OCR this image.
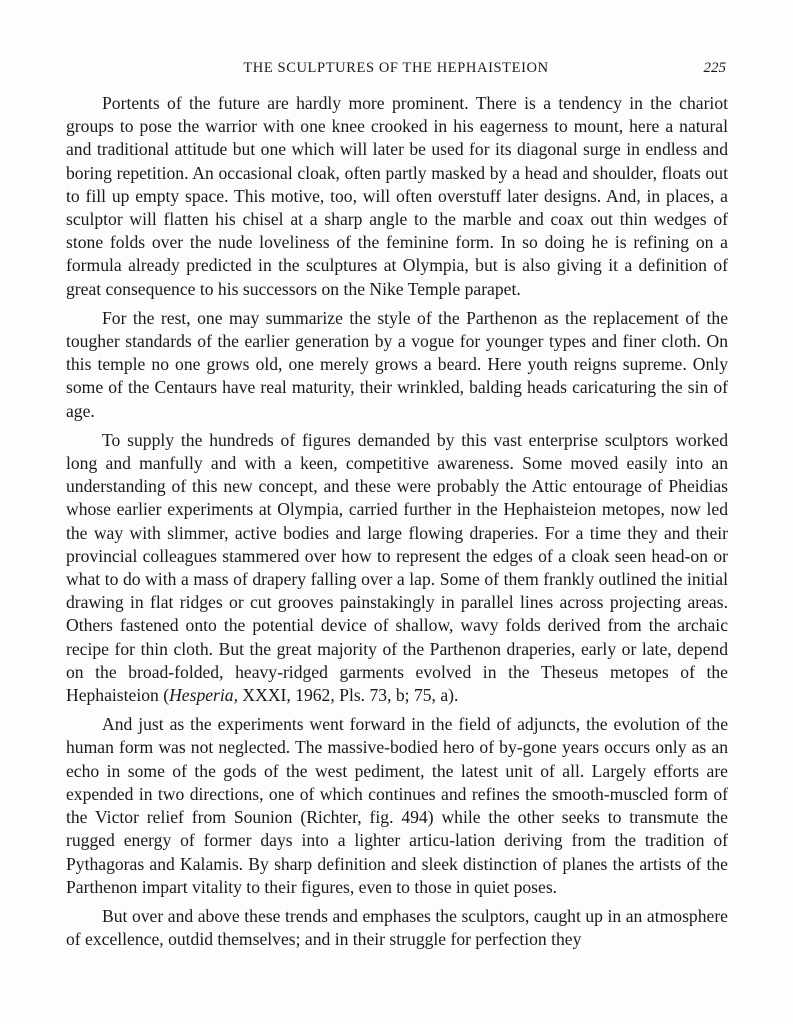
THE SCULPTURES OF THE HEPHAISTEION	225

Portents of the future are hardly more prominent. There is a tendency in the chariot groups to pose the warrior with one knee crooked in his eagerness to mount, here a natural and traditional attitude but one which will later be used for its diagonal surge in endless and boring repetition. An occasional cloak, often partly masked by a head and shoulder, floats out to fill up empty space. This motive, too, will often overstuff later designs. And, in places, a sculptor will flatten his chisel at a sharp angle to the marble and coax out thin wedges of stone folds over the nude loveliness of the feminine form. In so doing he is refining on a formula already predicted in the sculptures at Olympia, but is also giving it a definition of great consequence to his successors on the Nike Temple parapet.

For the rest, one may summarize the style of the Parthenon as the replacement of the tougher standards of the earlier generation by a vogue for younger types and finer cloth. On this temple no one grows old, one merely grows a beard. Here youth reigns supreme. Only some of the Centaurs have real maturity, their wrinkled, balding heads caricaturing the sin of age.

To supply the hundreds of figures demanded by this vast enterprise sculptors worked long and manfully and with a keen, competitive awareness. Some moved easily into an understanding of this new concept, and these were probably the Attic entourage of Pheidias whose earlier experiments at Olympia, carried further in the Hephaisteion metopes, now led the way with slimmer, active bodies and large flowing draperies. For a time they and their provincial colleagues stammered over how to represent the edges of a cloak seen head-on or what to do with a mass of drapery falling over a lap. Some of them frankly outlined the initial drawing in flat ridges or cut grooves painstakingly in parallel lines across projecting areas. Others fastened onto the potential device of shallow, wavy folds derived from the archaic recipe for thin cloth. But the great majority of the Parthenon draperies, early or late, depend on the broad-folded, heavy-ridged garments evolved in the Theseus metopes of the Hephaisteion (Hesperia, XXXI, 1962, Pls. 73, b; 75, a).

And just as the experiments went forward in the field of adjuncts, the evolution of the human form was not neglected. The massive-bodied hero of by-gone years occurs only as an echo in some of the gods of the west pediment, the latest unit of all. Largely efforts are expended in two directions, one of which continues and refines the smooth-muscled form of the Victor relief from Sounion (Richter, fig. 494) while the other seeks to transmute the rugged energy of former days into a lighter articu-lation deriving from the tradition of Pythagoras and Kalamis. By sharp definition and sleek distinction of planes the artists of the Parthenon impart vitality to their figures, even to those in quiet poses.

But over and above these trends and emphases the sculptors, caught up in an atmosphere of excellence, outdid themselves; and in their struggle for perfection they
